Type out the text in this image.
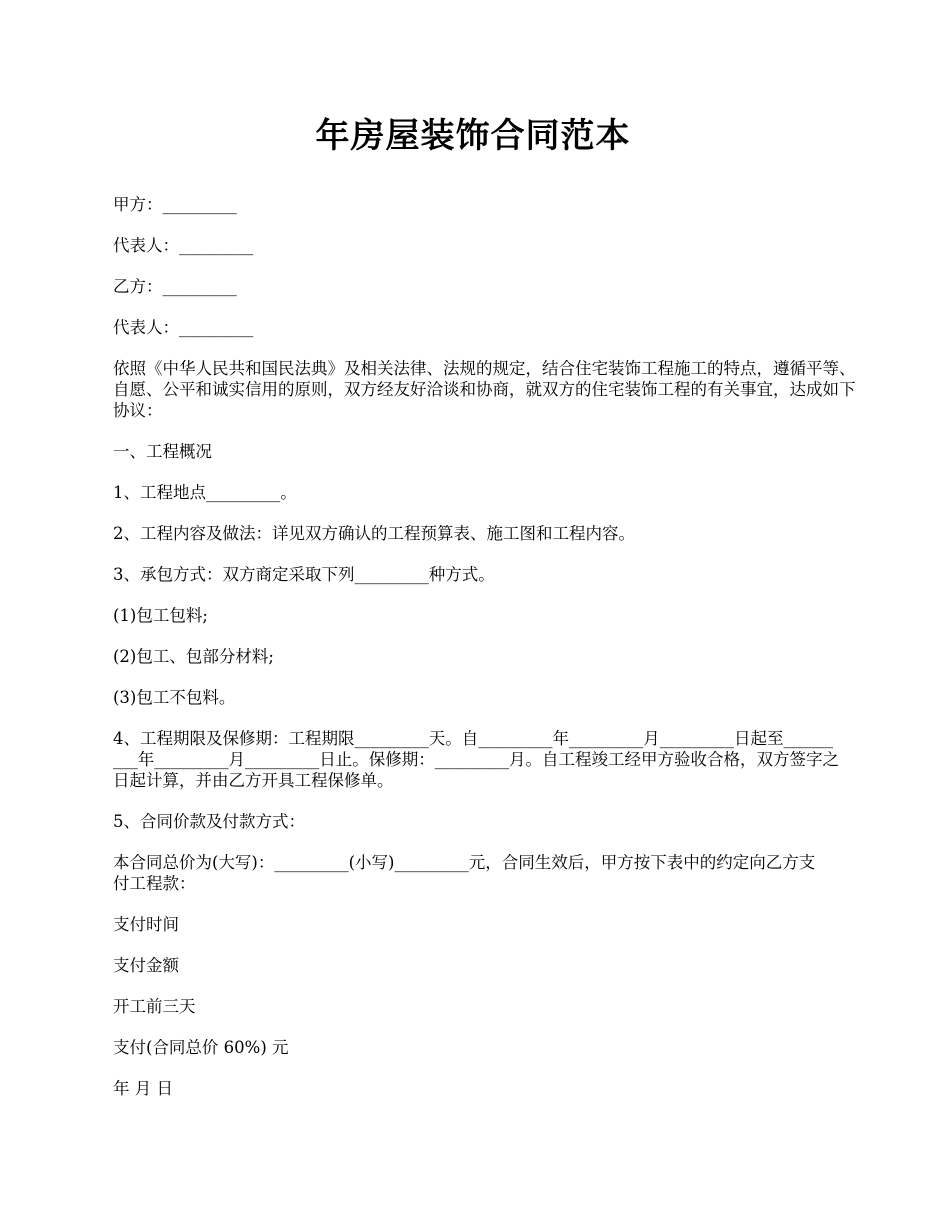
年房屋装饰合同范本

甲方：_________

代表人：_________

乙方：_________

代表人：_________

依照《中华人民共和国民法典》及相关法律、法规的规定，结合住宅装饰工程施工的特点，遵循平等、自愿、公平和诚实信用的原则，双方经友好洽谈和协商，就双方的住宅装饰工程的有关事宜，达成如下协议：

一、工程概况

1、工程地点_________。

2、工程内容及做法：详见双方确认的工程预算表、施工图和工程内容。

3、承包方式：双方商定采取下列_________种方式。

(1)包工包料;

(2)包工、包部分材料;

(3)包工不包料。

4、工程期限及保修期：工程期限_________天。自_________年_________月_________日起至_________年_________月_________日止。保修期：_________月。自工程竣工经甲方验收合格，双方签字之日起计算，并由乙方开具工程保修单。

5、合同价款及付款方式：

本合同总价为(大写)：_________(小写)_________元，合同生效后，甲方按下表中的约定向乙方支付工程款：

支付时间

支付金额

开工前三天

支付(合同总价 60%) 元

年 月 日
